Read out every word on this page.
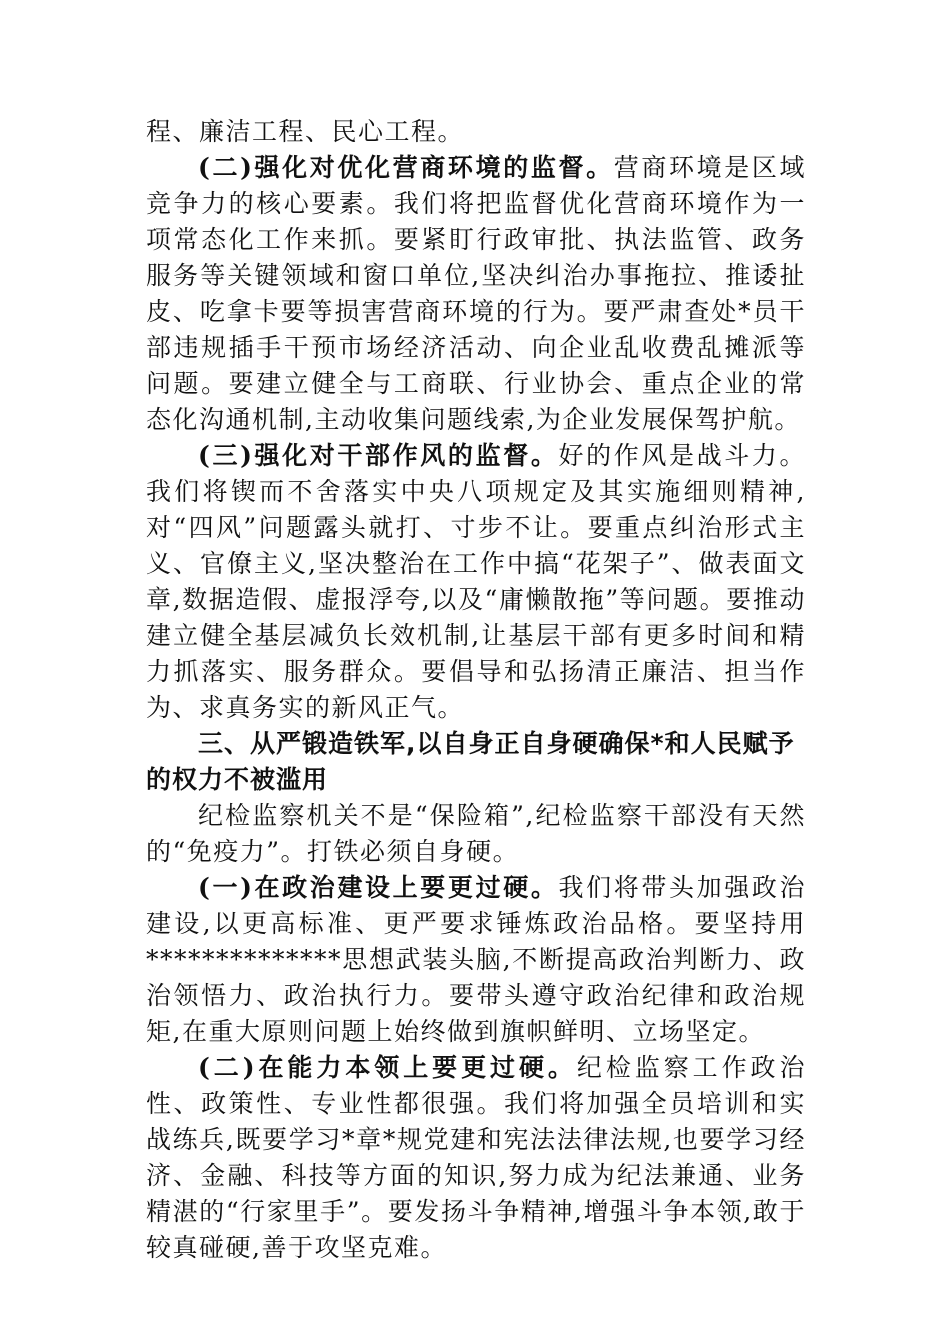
程、廉洁工程、民心工程。

(二)强化对优化营商环境的监督。营商环境是区域竞争力的核心要素。我们将把监督优化营商环境作为一项常态化工作来抓。要紧盯行政审批、执法监管、政务服务等关键领域和窗口单位,坚决纠治办事拖拉、推诿扯皮、吃拿卡要等损害营商环境的行为。要严肃查处*员干部违规插手干预市场经济活动、向企业乱收费乱摊派等问题。要建立健全与工商联、行业协会、重点企业的常态化沟通机制,主动收集问题线索,为企业发展保驾护航。

(三)强化对干部作风的监督。好的作风是战斗力。我们将锲而不舍落实中央八项规定及其实施细则精神,对“四风”问题露头就打、寸步不让。要重点纠治形式主义、官僚主义,坚决整治在工作中搞“花架子”、做表面文章,数据造假、虚报浮夸,以及“庸懒散拖”等问题。要推动建立健全基层减负长效机制,让基层干部有更多时间和精力抓落实、服务群众。要倡导和弘扬清正廉洁、担当作为、求真务实的新风正气。

三、从严锻造铁军,以自身正自身硬确保*和人民赋予的权力不被滥用

纪检监察机关不是“保险箱”,纪检监察干部没有天然的“免疫力”。打铁必须自身硬。

(一)在政治建设上要更过硬。我们将带头加强政治建设,以更高标准、更严要求锤炼政治品格。要坚持用**************思想武装头脑,不断提高政治判断力、政治领悟力、政治执行力。要带头遵守政治纪律和政治规矩,在重大原则问题上始终做到旗帜鲜明、立场坚定。

(二)在能力本领上要更过硬。纪检监察工作政治性、政策性、专业性都很强。我们将加强全员培训和实战练兵,既要学习*章*规党建和宪法法律法规,也要学习经济、金融、科技等方面的知识,努力成为纪法兼通、业务精湛的“行家里手”。要发扬斗争精神,增强斗争本领,敢于较真碰硬,善于攻坚克难。
